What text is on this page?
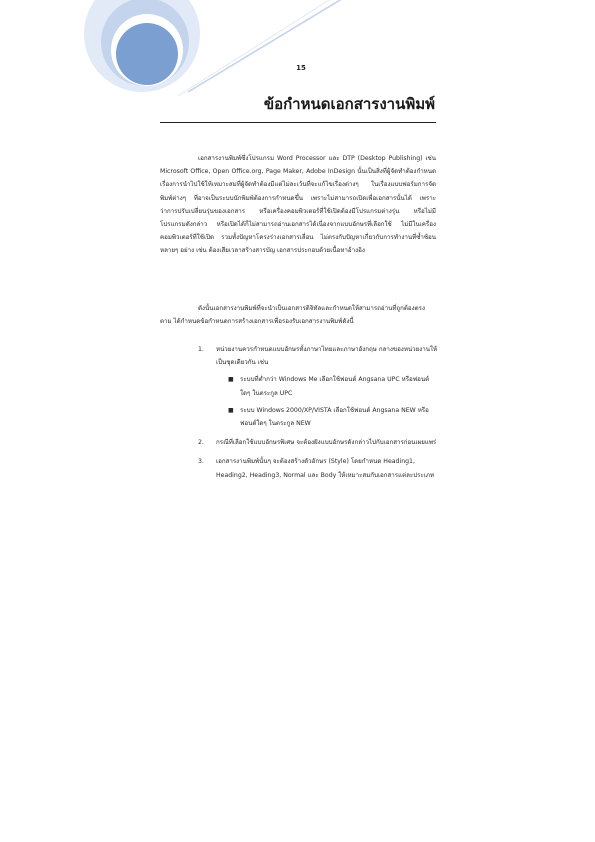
15
ข้อกำหนดเอกสารงานพิมพ์
เอกสารงานพิมพ์ซึ่งโปรแกรม Word Processor และ DTP (Desktop Publishing) เช่น Microsoft Office, Open Office.org, Page Maker, Adobe InDesign นั้นเป็นสิ่งที่ผู้จัดทำต้องกำหนดเรื่องการนำไปใช้ให้เหมาะสมที่ผู้จัดทำต้องมีแต่ไม่ละเว้นที่จะแก้ไขเรื่องต่างๆ ในเรื่องแบบฟอร์มการจัดพิมพ์ต่างๆ ที่อาจเป็นระบบนักพิมพ์ต้องการกำหนดขึ้น เพราะไม่สามารถเปิดเพื่อเอกสารนั้นได้ เพราะว่าการปรับเปลี่ยนรุ่นของเอกสาร หรือเครื่องคอมพิวเตอร์ที่ใช้เปิดต้องมีโปรแกรมต่างรุ่น หรือไม่มีโปรแกรมดังกล่าว หรือเปิดได้ก็ไม่สามารถอ่านเอกสารได้เนื่องจากแบบอักษรที่เลือกใช้ ไม่มีในเครื่องคอมพิวเตอร์ที่ใช้เปิด รวมทั้งปัญหาโครงร่างเอกสารเลื่อน ไม่ตรงกับปัญหาเกี่ยวกับการทำงานที่ซ้ำซ้อนหลายๆ อย่าง เช่น ต้องเสียเวลาสร้างสารบัญ เอกสารประกอบด้วยเนื้อหาอ้างอิง
ดังนั้นเอกสารงานพิมพ์ที่จะนำเป็นเอกสารดิจิทัลและกำหนดให้สามารถอ่านที่ถูกต้องตรงตาม ได้กำหนดข้อกำหนดการสร้างเอกสารเพื่อรองรับเอกสารงานพิมพ์ดังนี้
1. หน่วยงานควรกำหนดแบบอักษรทั้งภาษาไทยและภาษาอังกฤษ กลางของหน่วยงานให้เป็นชุดเดียวกัน เช่น
■ ระบบที่ต่ำกว่า Windows Me เลือกใช้ฟอนต์ Angsana UPC หรือฟอนต์ใดๆ ในตระกูล UPC
■ ระบบ Windows 2000/XP/VISTA เลือกใช้ฟอนต์ Angsana NEW หรือฟอนต์ใดๆ ในตระกูล NEW
2. กรณีที่เลือกใช้แบบอักษรพิเศษ จะต้องฝังแบบอักษรดังกล่าวไปกับเอกสารก่อนเผยแพร่
3. เอกสารงานพิมพ์นั้นๆ จะต้องสร้างตัวอักษร (Style) โดยกำหนด Heading1, Heading2, Heading3, Normal และ Body ให้เหมาะสมกับเอกสารแต่ละประเภท
